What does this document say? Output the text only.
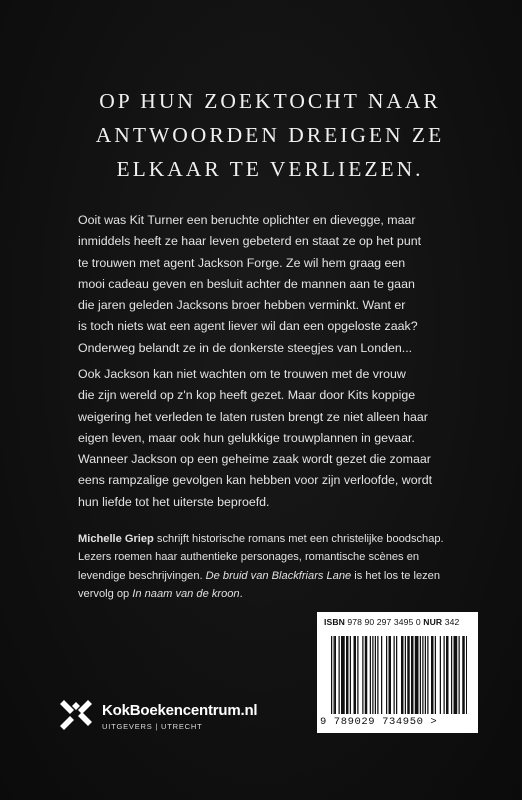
OP HUN ZOEKTOCHT NAAR
ANTWOORDEN DREIGEN ZE
ELKAAR TE VERLIEZEN.
Ooit was Kit Turner een beruchte oplichter en dievegge, maar
inmiddels heeft ze haar leven gebeterd en staat ze op het punt
te trouwen met agent Jackson Forge. Ze wil hem graag een
mooi cadeau geven en besluit achter de mannen aan te gaan
die jaren geleden Jacksons broer hebben verminkt. Want er
is toch niets wat een agent liever wil dan een opgeloste zaak?
Onderweg belandt ze in de donkerste steegjes van Londen...
Ook Jackson kan niet wachten om te trouwen met de vrouw
die zijn wereld op z'n kop heeft gezet. Maar door Kits koppige
weigering het verleden te laten rusten brengt ze niet alleen haar
eigen leven, maar ook hun gelukkige trouwplannen in gevaar.
Wanneer Jackson op een geheime zaak wordt gezet die zomaar
eens rampzalige gevolgen kan hebben voor zijn verloofde, wordt
hun liefde tot het uiterste beproefd.
Michelle Griep schrijft historische romans met een christelijke boodschap.
Lezers roemen haar authentieke personages, romantische scènes en
levendige beschrijvingen. De bruid van Blackfriars Lane is het los te lezen
vervolg op In naam van de kroon.
ISBN 978 90 297 3495 0 NUR 342
9 789029 734950 >
KokBoekencentrum.nl
UITGEVERS | UTRECHT
